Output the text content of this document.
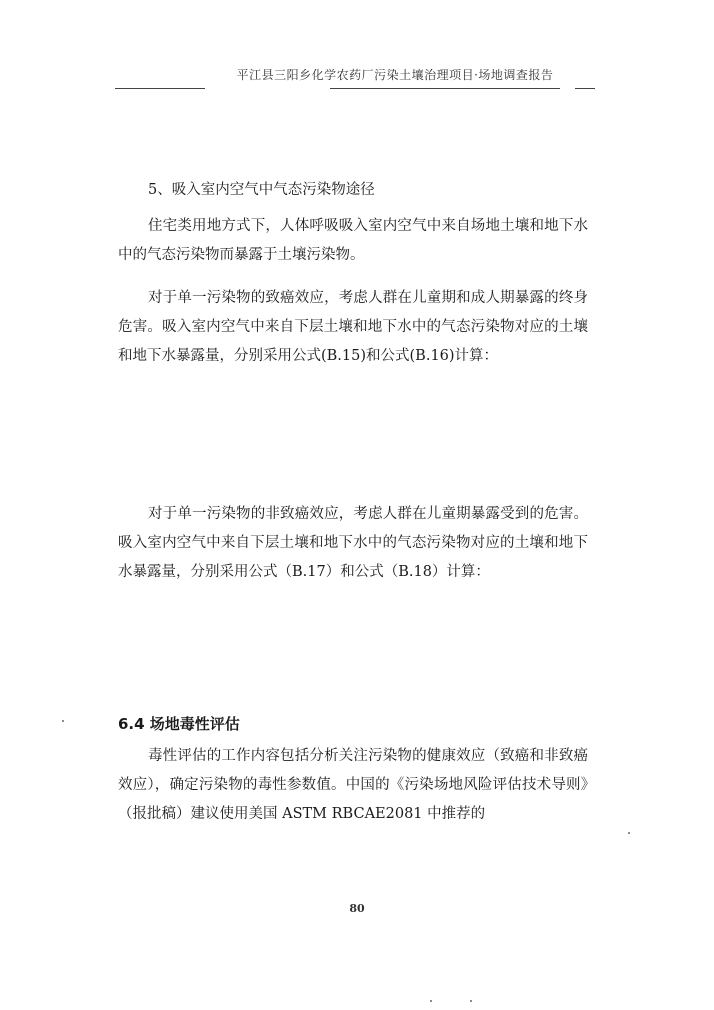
平江县三阳乡化学农药厂污染土壤治理项目·场地调查报告

5、吸入室内空气中气态污染物途径

住宅类用地方式下，人体呼吸吸入室内空气中来自场地土壤和地下水中的气态污染物而暴露于土壤污染物。

对于单一污染物的致癌效应，考虑人群在儿童期和成人期暴露的终身危害。吸入室内空气中来自下层土壤和地下水中的气态污染物对应的土壤和地下水暴露量，分别采用公式(B.15)和公式(B.16)计算：

对于单一污染物的非致癌效应，考虑人群在儿童期暴露受到的危害。吸入室内空气中来自下层土壤和地下水中的气态污染物对应的土壤和地下水暴露量，分别采用公式（B.17）和公式（B.18）计算：

6.4 场地毒性评估

毒性评估的工作内容包括分析关注污染物的健康效应（致癌和非致癌效应），确定污染物的毒性参数值。中国的《污染场地风险评估技术导则》（报批稿）建议使用美国 ASTM RBCAE2081 中推荐的

80
